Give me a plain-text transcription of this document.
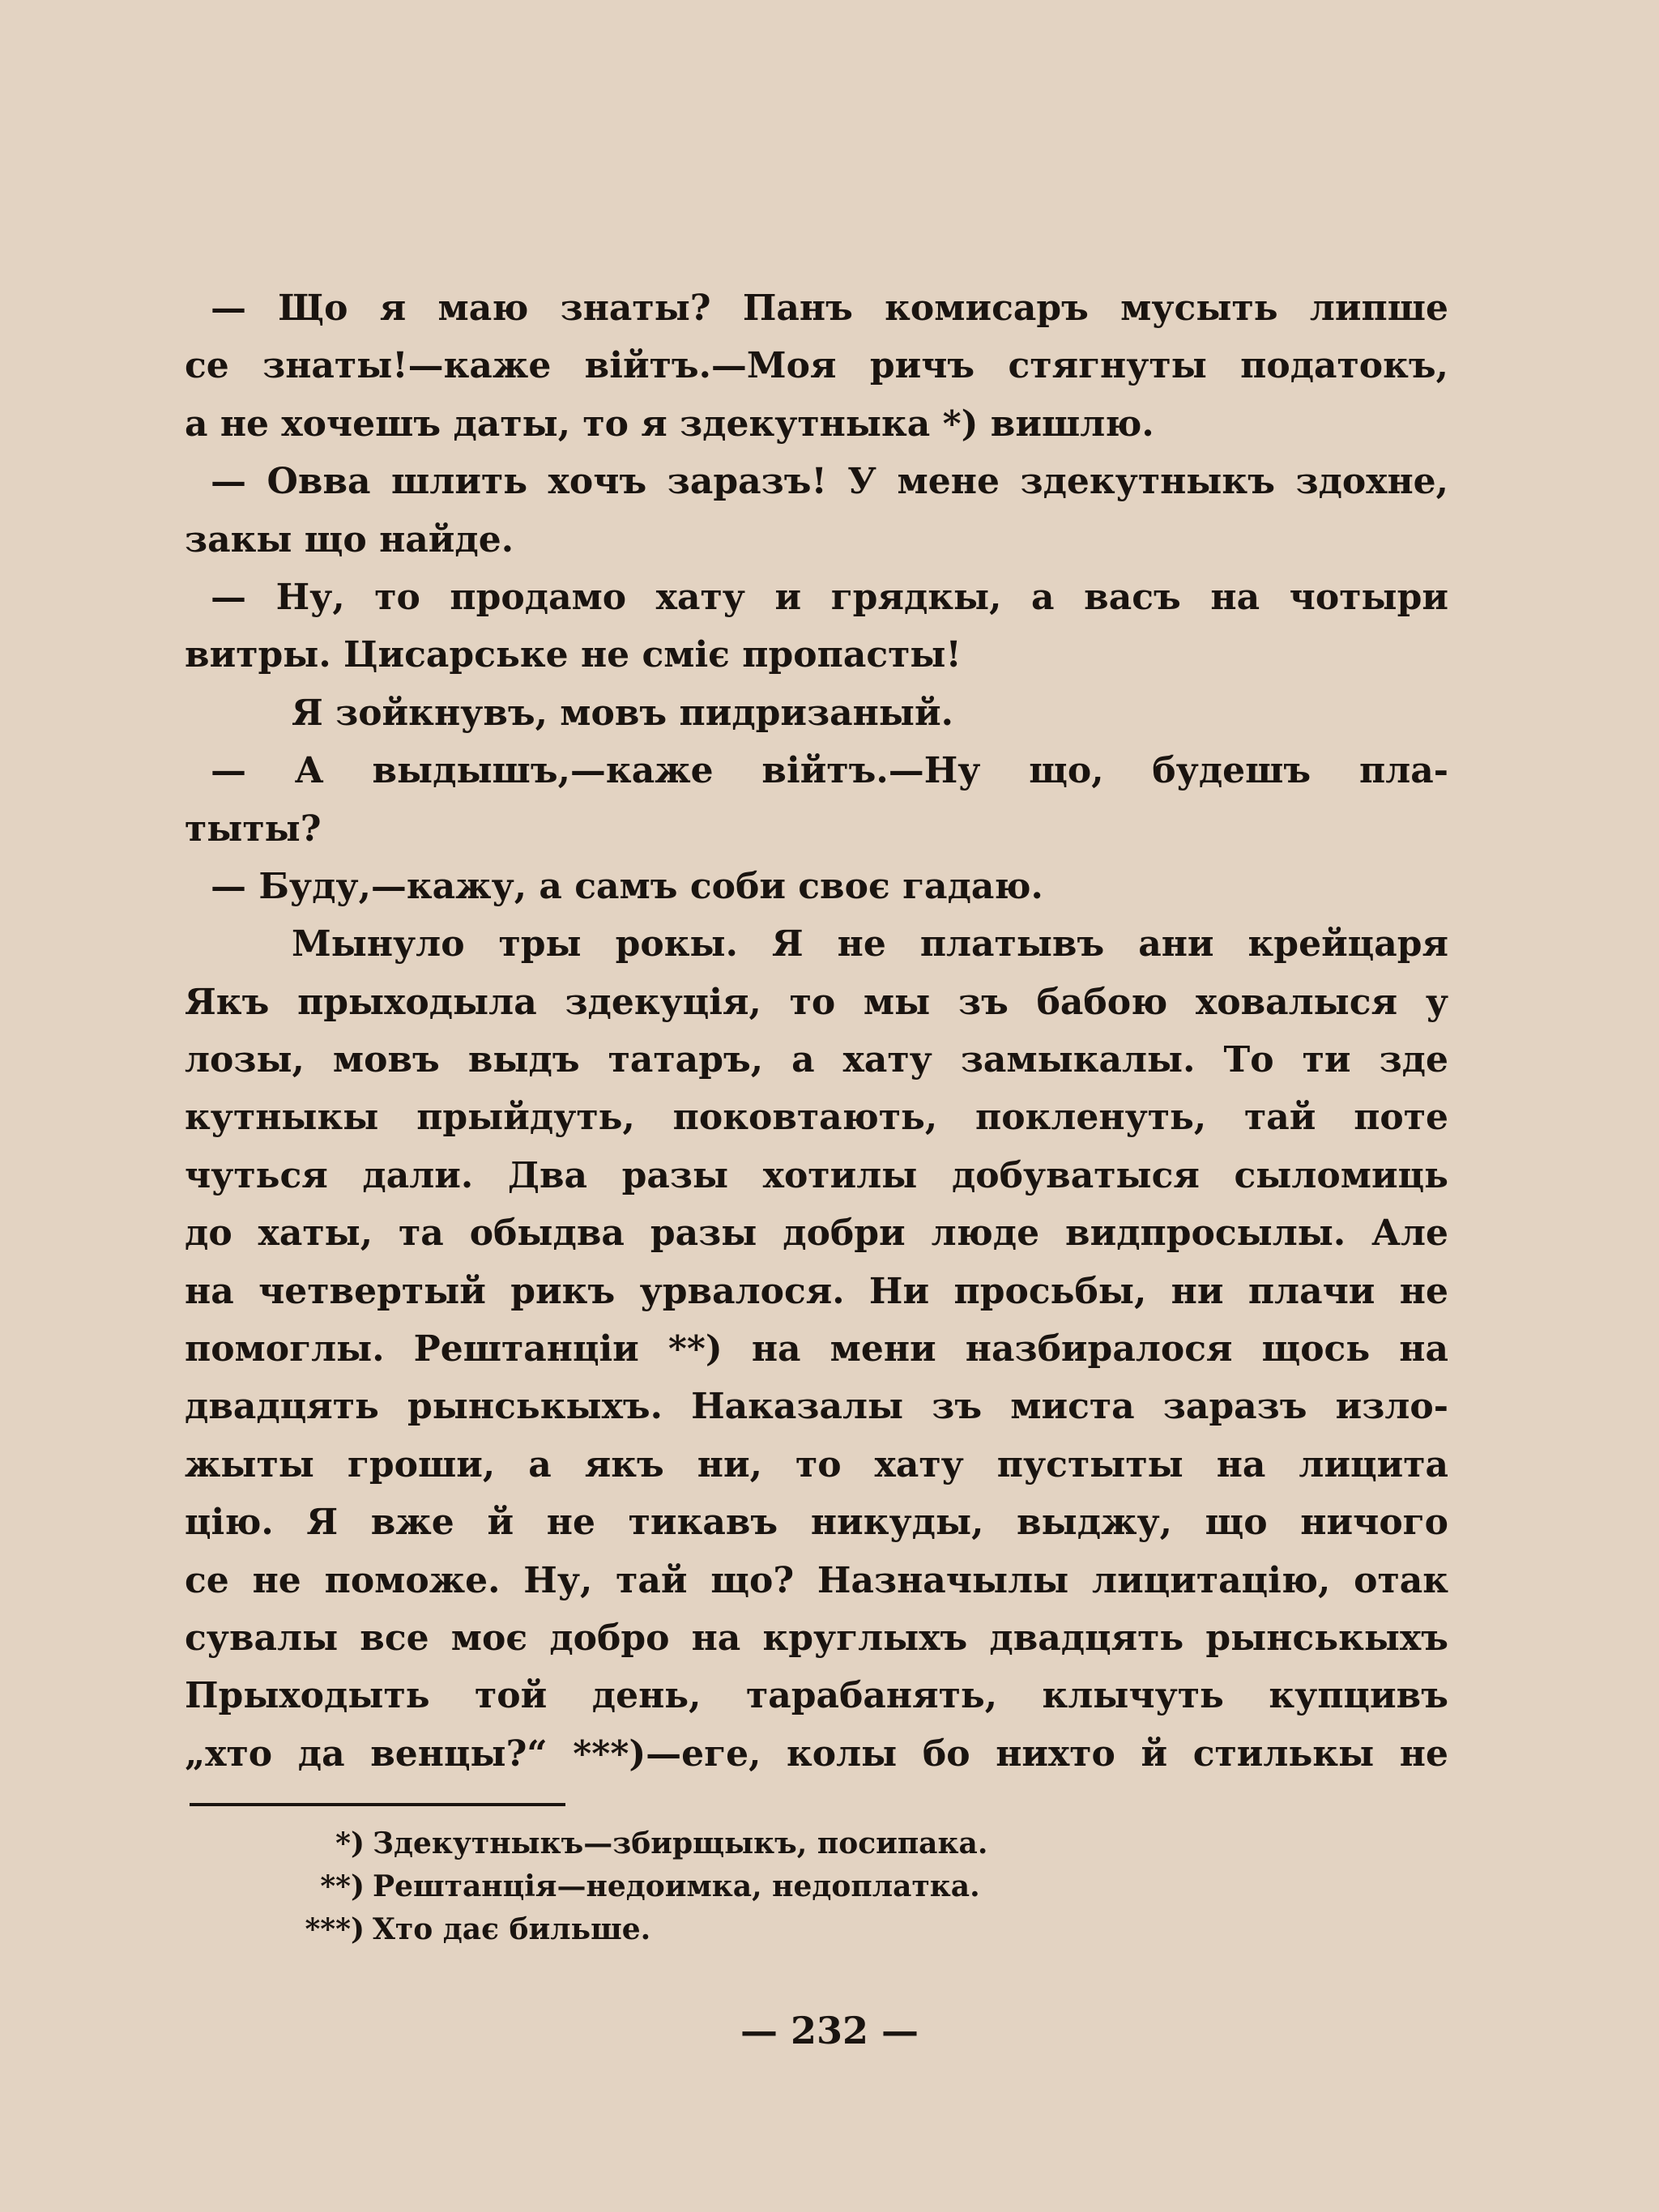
— Що я маю знаты? Панъ комисаръ мусыть липше
се знаты!—каже вiйтъ.—Моя ричъ стягнуты податокъ,
а не хочешъ даты, то я здекутныка *) вишлю.
— Овва шлить хочъ заразъ! У мене здекутныкъ здохне,
закы що найде.
— Ну, то продамо хату и грядкы, а васъ на чотыри
витры. Цисарське не смiє пропасты!
Я зойкнувъ, мовъ пидризаный.
— А выдышъ,—каже вiйтъ.—Ну що, будешъ пла-
тыты?
— Буду,—кажу, а самъ соби своє гадаю.
Мынуло тры рокы. Я не платывъ ани крейцаря
Якъ прыходыла здекуцiя, то мы зъ бабою ховалыся у
лозы, мовъ выдъ татаръ, а хату замыкалы. То ти зде
кутныкы прыйдуть, поковтають, покленуть, тай поте
чуться дали. Два разы хотилы добуватыся сыломиць
до хаты, та обыдва разы добри люде видпросылы. Але
на четвертый рикъ урвалося. Ни просьбы, ни плачи не
помоглы. Рештанцiи **) на мени назбиралося щось на
двадцять рынськыхъ. Наказалы зъ миста заразъ изло-
жыты гроши, а якъ ни, то хату пустыты на лицита
цiю. Я вже й не тикавъ никуды, выджу, що ничого
се не поможе. Ну, тай що? Назначылы лицитацiю, отак
сувалы все моє добро на круглыхъ двадцять рынськыхъ
Прыходыть той день, тарабанять, клычуть купцивъ
„хто да венцы?“ ***)—еге, колы бо нихто й стилькы не
*) Здекутныкъ—збирщыкъ, посипака.
**) Рештанцiя—недоимка, недоплатка.
***) Хто дає бильше.
— 232 —
